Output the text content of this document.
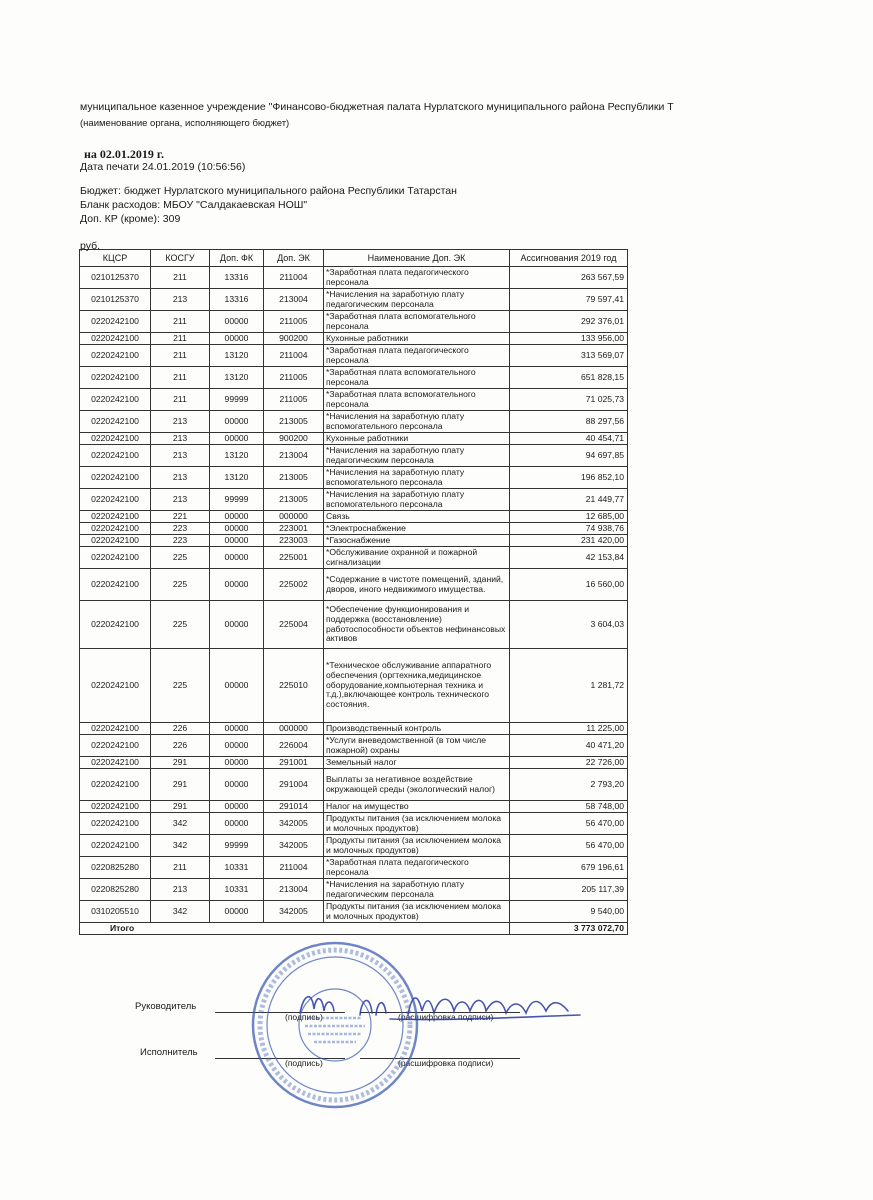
муниципальное казенное учреждение "Финансово-бюджетная палата Нурлатского муниципального района Республики Т
(наименование органа, исполняющего бюджет)
на 02.01.2019 г.
Дата печати 24.01.2019 (10:56:56)
Бюджет: бюджет Нурлатского муниципального района Республики Татарстан
Бланк расходов: МБОУ "Салдакаевская НОШ"
Доп. КР (кроме): 309
руб.
КЦСР	КОСГУ	Доп. ФК	Доп. ЭК	Наименование Доп. ЭК	Ассигнования 2019 год
0210125370	211	13316	211004	*Заработная плата педагогического персонала	263 567,59
0210125370	213	13316	213004	*Начисления на заработную плату педагогическим персонала	79 597,41
0220242100	211	00000	211005	*Заработная плата вспомогательного персонала	292 376,01
0220242100	211	00000	900200	Кухонные работники	133 956,00
0220242100	211	13120	211004	*Заработная плата педагогического персонала	313 569,07
0220242100	211	13120	211005	*Заработная плата вспомогательного персонала	651 828,15
0220242100	211	99999	211005	*Заработная плата вспомогательного персонала	71 025,73
0220242100	213	00000	213005	*Начисления на заработную плату вспомогательного персонала	88 297,56
0220242100	213	00000	900200	Кухонные работники	40 454,71
0220242100	213	13120	213004	*Начисления на заработную плату педагогическим персонала	94 697,85
0220242100	213	13120	213005	*Начисления на заработную плату вспомогательного персонала	196 852,10
0220242100	213	99999	213005	*Начисления на заработную плату вспомогательного персонала	21 449,77
0220242100	221	00000	000000	Связь	12 685,00
0220242100	223	00000	223001	*Электроснабжение	74 938,76
0220242100	223	00000	223003	*Газоснабжение	231 420,00
0220242100	225	00000	225001	*Обслуживание охранной и пожарной сигнализации	42 153,84
0220242100	225	00000	225002	*Содержание в чистоте помещений, зданий, дворов, иного недвижимого имущества.	16 560,00
0220242100	225	00000	225004	*Обеспечение функционирования и поддержка (восстановление) работоспособности объектов нефинансовых активов	3 604,03
0220242100	225	00000	225010	*Техническое обслуживание аппаратного обеспечения (оргтехника,медицинское оборудование,компьютерная техника и т.д.),включающее контроль технического состояния.	1 281,72
0220242100	226	00000	000000	Производственный контроль	11 225,00
0220242100	226	00000	226004	*Услуги вневедомственной (в том числе пожарной) охраны	40 471,20
0220242100	291	00000	291001	Земельный налог	22 726,00
0220242100	291	00000	291004	Выплаты за негативное воздействие окружающей среды (экологический налог)	2 793,20
0220242100	291	00000	291014	Налог на имущество	58 748,00
0220242100	342	00000	342005	Продукты питания (за исключением молока и молочных продуктов)	56 470,00
0220242100	342	99999	342005	Продукты питания (за исключением молока и молочных продуктов)	56 470,00
0220825280	211	10331	211004	*Заработная плата педагогического персонала	679 196,61
0220825280	213	10331	213004	*Начисления на заработную плату педагогическим персонала	205 117,39
0310205510	342	00000	342005	Продукты питания (за исключением молока и молочных продуктов)	9 540,00
Итого					3 773 072,70
Руководитель
(подпись)	(расшифровка подписи)
Исполнитель
(подпись)	(расшифровка подписи)
